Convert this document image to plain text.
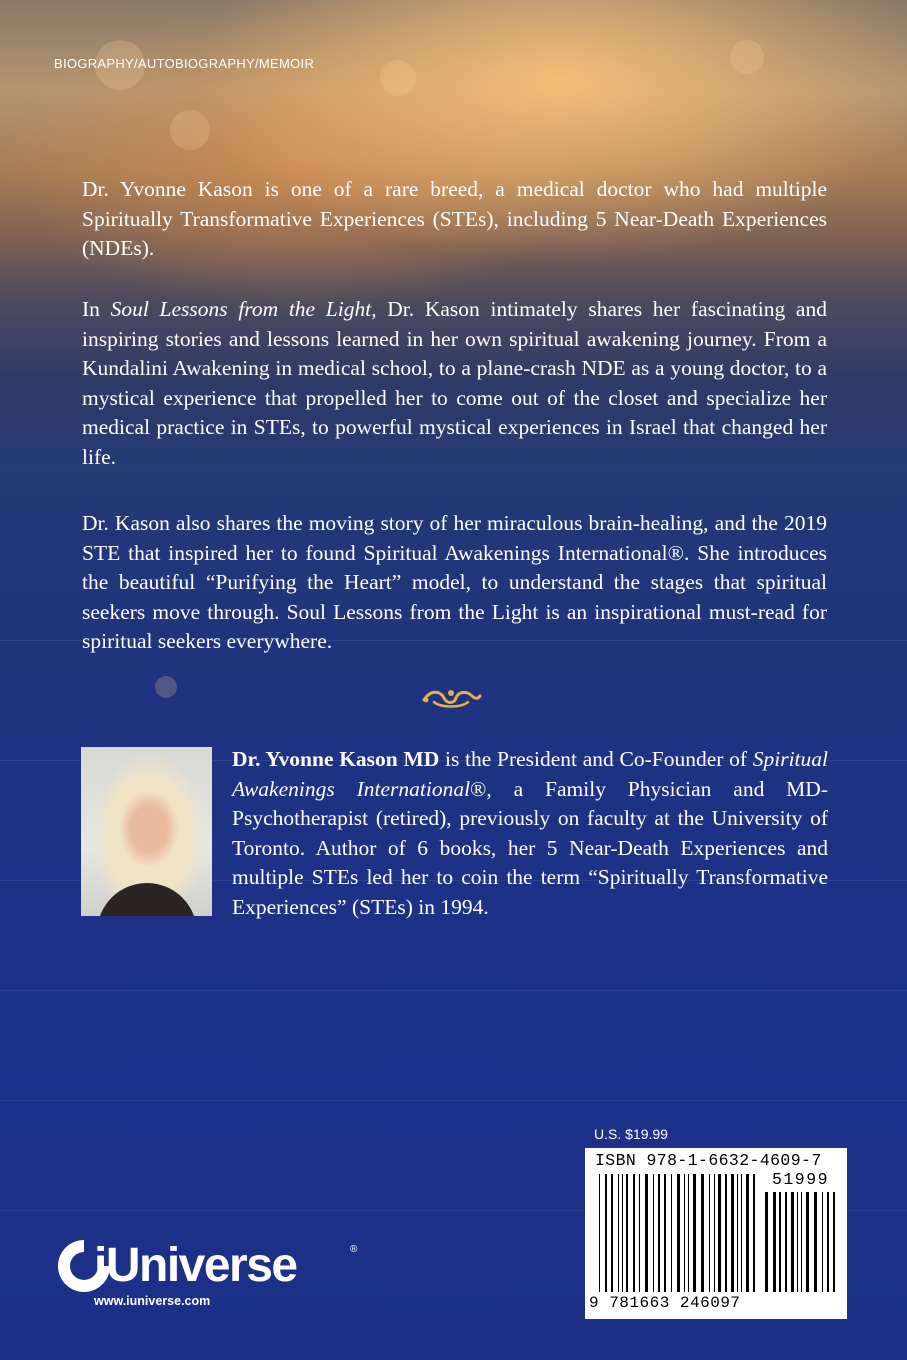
BIOGRAPHY/AUTOBIOGRAPHY/MEMOIR

Dr. Yvonne Kason is one of a rare breed, a medical doctor who had multiple Spiritually Transformative Experiences (STEs), including 5 Near-Death Experiences (NDEs).

In Soul Lessons from the Light, Dr. Kason intimately shares her fascinating and inspiring stories and lessons learned in her own spiritual awakening journey. From a Kundalini Awakening in medical school, to a plane-crash NDE as a young doctor, to a mystical experience that propelled her to come out of the closet and specialize her medical practice in STEs, to powerful mystical experiences in Israel that changed her life.

Dr. Kason also shares the moving story of her miraculous brain-healing, and the 2019 STE that inspired her to found Spiritual Awakenings International®. She introduces the beautiful “Purifying the Heart” model, to understand the stages that spiritual seekers move through. Soul Lessons from the Light is an inspirational must-read for spiritual seekers everywhere.

Dr. Yvonne Kason MD is the President and Co-Founder of Spiritual Awakenings International®, a Family Physician and MD-Psychotherapist (retired), previously on faculty at the University of Toronto. Author of 6 books, her 5 Near-Death Experiences and multiple STEs led her to coin the term “Spiritually Transformative Experiences” (STEs) in 1994.

U.S. $19.99
ISBN 978-1-6632-4609-7
51999
9 781663 246097
iUniverse	®
www.iuniverse.com
